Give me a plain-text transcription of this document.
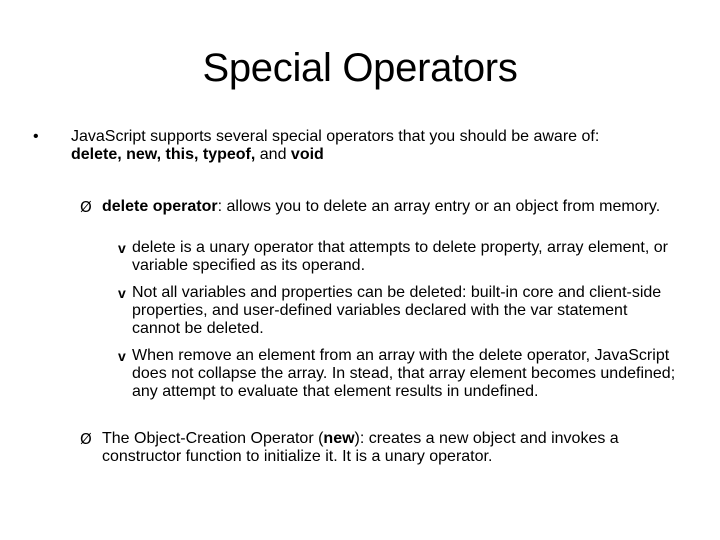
Special Operators
• JavaScript supports several special operators that you should be aware of:
delete, new, this, typeof, and void
Ø delete operator: allows you to delete an array entry or an object from memory.
v delete is a unary operator that attempts to delete property, array element, or variable specified as its operand.
v Not all variables and properties can be deleted: built-in core and client-side properties, and user-defined variables declared with the var statement cannot be deleted.
v When remove an element from an array with the delete operator, JavaScript does not collapse the array. In stead, that array element becomes undefined; any attempt to evaluate that element results in undefined.
Ø The Object-Creation Operator (new): creates a new object and invokes a constructor function to initialize it. It is a unary operator.
